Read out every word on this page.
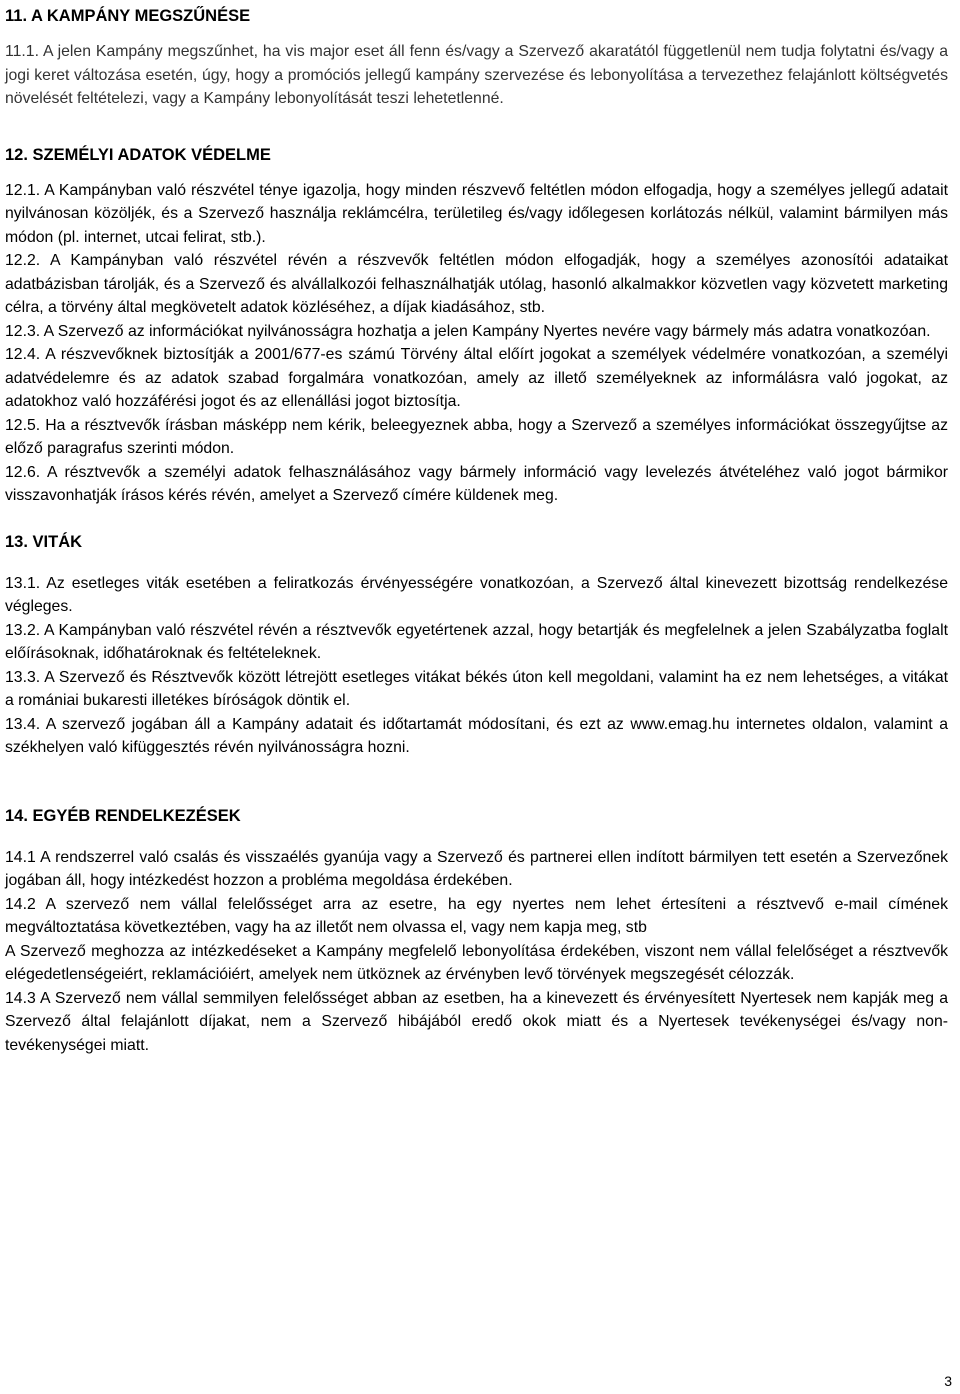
11. A KAMPÁNY MEGSZŰNÉSE

11.1. A jelen Kampány megszűnhet, ha vis major eset áll fenn és/vagy a Szervező akaratától függetlenül nem tudja folytatni és/vagy a jogi keret változása esetén, úgy, hogy a promóciós jellegű kampány szervezése és lebonyolítása a tervezethez felajánlott költségvetés növelését feltételezi, vagy a Kampány lebonyolítását teszi lehetetlenné.

12. SZEMÉLYI ADATOK VÉDELME

12.1. A Kampányban való részvétel ténye igazolja, hogy minden részvevő feltétlen módon elfogadja, hogy a személyes jellegű adatait nyilvánosan közöljék, és a Szervező használja reklámcélra, területileg és/vagy időlegesen korlátozás nélkül, valamint bármilyen más módon (pl. internet, utcai felirat, stb.).

12.2. A Kampányban való részvétel révén a részvevők feltétlen módon elfogadják, hogy a személyes azonosítói adataikat adatbázisban tárolják, és a Szervező és alvállalkozói felhasználhatják utólag, hasonló alkalmakkor közvetlen vagy közvetett marketing célra, a törvény által megkövetelt adatok közléséhez, a díjak kiadásához, stb.

12.3. A Szervező az információkat nyilvánosságra hozhatja a jelen Kampány Nyertes nevére vagy bármely más adatra vonatkozóan.

12.4. A részvevőknek biztosítják a 2001/677-es számú Törvény által előírt jogokat a személyek védelmére vonatkozóan, a személyi adatvédelemre és az adatok szabad forgalmára vonatkozóan, amely az illető személyeknek az informálásra való jogokat, az adatokhoz való hozzáférési jogot és az ellenállási jogot biztosítja.

12.5. Ha a résztvevők írásban másképp nem kérik, beleegyeznek abba, hogy a Szervező a személyes információkat összegyűjtse az előző paragrafus szerinti módon.

12.6. A résztvevők a személyi adatok felhasználásához vagy bármely információ vagy levelezés átvételéhez való jogot bármikor visszavonhatják írásos kérés révén, amelyet a Szervező címére küldenek meg.

13. VITÁK

13.1. Az esetleges viták esetében a feliratkozás érvényességére vonatkozóan, a Szervező által kinevezett bizottság rendelkezése végleges.

13.2. A Kampányban való részvétel révén a résztvevők egyetértenek azzal, hogy betartják és megfelelnek a jelen Szabályzatba foglalt előírásoknak, időhatároknak és feltételeknek.

13.3. A Szervező és Résztvevők között létrejött esetleges vitákat békés úton kell megoldani, valamint ha ez nem lehetséges, a vitákat a romániai bukaresti illetékes bíróságok döntik el.

13.4. A szervező jogában áll a Kampány adatait és időtartamát módosítani, és ezt az www.emag.hu internetes oldalon, valamint a székhelyen való kifüggesztés révén nyilvánosságra hozni.

14. EGYÉB RENDELKEZÉSEK

14.1 A rendszerrel való csalás és visszaélés gyanúja vagy a Szervező és partnerei ellen indított bármilyen tett esetén a Szervezőnek jogában áll, hogy intézkedést hozzon a probléma megoldása érdekében.

14.2 A szervező nem vállal felelősséget arra az esetre, ha egy nyertes nem lehet értesíteni a résztvevő e-mail címének megváltoztatása következtében, vagy ha az illetőt nem olvassa el, vagy nem kapja meg, stb

A Szervező meghozza az intézkedéseket a Kampány megfelelő lebonyolítása érdekében, viszont nem vállal felelőséget a résztvevők elégedetlenségeiért, reklamációiért, amelyek nem ütköznek az érvényben levő törvények megszegését célozzák.

14.3 A Szervező nem vállal semmilyen felelősséget abban az esetben, ha a kinevezett és érvényesített Nyertesek nem kapják meg a Szervező által felajánlott díjakat, nem a Szervező hibájából eredő okok miatt és a Nyertesek tevékenységei és/vagy non-tevékenységei miatt.

3
